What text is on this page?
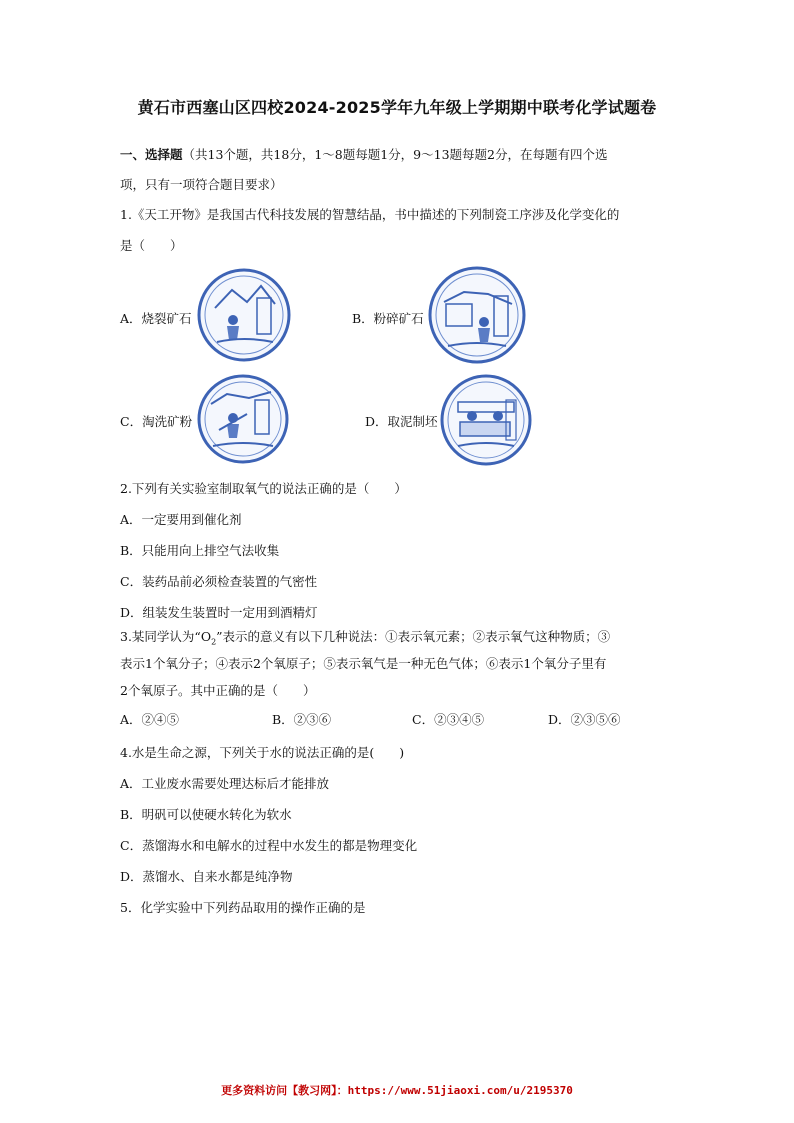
黄石市西塞山区四校2024-2025学年九年级上学期期中联考化学试题卷
一、选择题（共13个题，共18分，1～8题每题1分，9～13题每题2分，在每题有四个选
项，只有一项符合题目要求）
1.《天工开物》是我国古代科技发展的智慧结晶，书中描述的下列制瓷工序涉及化学变化的
是（　　）
A．烧裂矿石	B．粉碎矿石
C．淘洗矿粉	D．取泥制坯
2.下列有关实验室制取氧气的说法正确的是（　　）
A．一定要用到催化剂
B．只能用向上排空气法收集
C．装药品前必须检查装置的气密性
D．组装发生装置时一定用到酒精灯
3.某同学认为“$O_2$”表示的意义有以下几种说法：①表示氧元素；②表示氧气这种物质；③
表示1个氧分子；④表示2个氧原子；⑤表示氧气是一种无色气体；⑥表示1个氧分子里有
2个氧原子。其中正确的是（　　）
A．②④⑤	B．②③⑥	C．②③④⑤	D．②③⑤⑥
4.水是生命之源，下列关于水的说法正确的是(　　)
A．工业废水需要处理达标后才能排放
B．明矾可以使硬水转化为软水
C．蒸馏海水和电解水的过程中水发生的都是物理变化
D．蒸馏水、自来水都是纯净物
5．化学实验中下列药品取用的操作正确的是
更多资料访问【教习网】：https://www.51jiaoxi.com/u/2195370
